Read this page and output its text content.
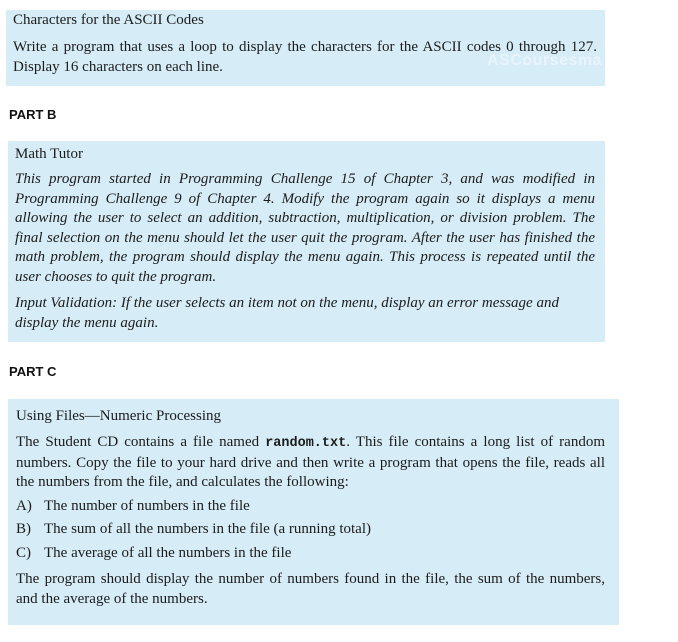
ASCoursesma

Characters for the ASCII Codes

Write a program that uses a loop to display the characters for the ASCII codes 0 through 127. Display 16 characters on each line.

PART B

Math Tutor

This program started in Programming Challenge 15 of Chapter 3, and was modified in Programming Challenge 9 of Chapter 4. Modify the program again so it displays a menu allowing the user to select an addition, subtraction, multiplication, or division problem. The final selection on the menu should let the user quit the program. After the user has finished the math problem, the program should display the menu again. This process is repeated until the user chooses to quit the program.

Input Validation: If the user selects an item not on the menu, display an error message and display the menu again.

PART C

Using Files—Numeric Processing

The Student CD contains a file named random.txt. This file contains a long list of random numbers. Copy the file to your hard drive and then write a program that opens the file, reads all the numbers from the file, and calculates the following:

A) The number of numbers in the file
B) The sum of all the numbers in the file (a running total)
C) The average of all the numbers in the file

The program should display the number of numbers found in the file, the sum of the numbers, and the average of the numbers.
